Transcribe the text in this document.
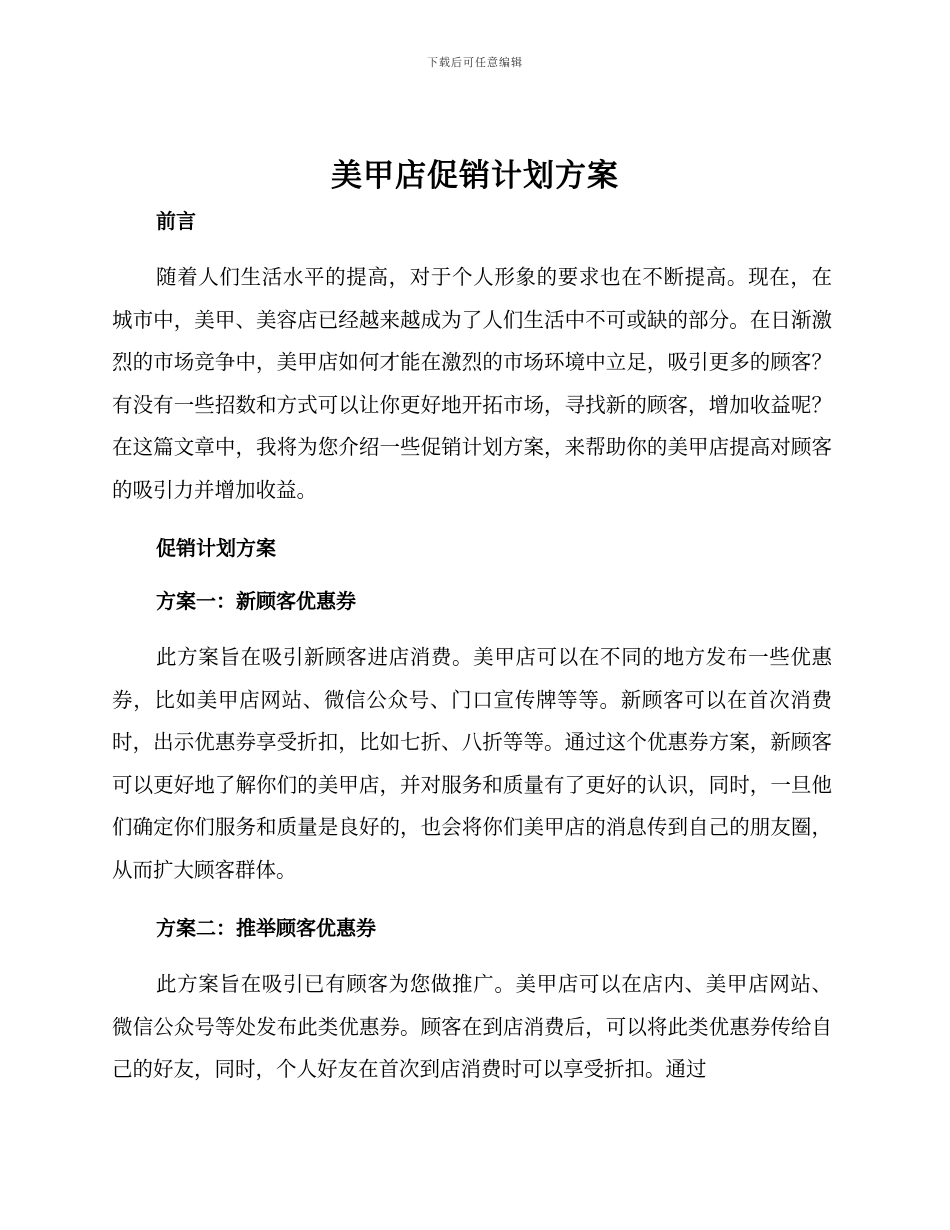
下载后可任意编辑
美甲店促销计划方案
前言

随着人们生活水平的提高，对于个人形象的要求也在不断提高。现在，在城市中，美甲、美容店已经越来越成为了人们生活中不可或缺的部分。在日渐激烈的市场竞争中，美甲店如何才能在激烈的市场环境中立足，吸引更多的顾客？有没有一些招数和方式可以让你更好地开拓市场，寻找新的顾客，增加收益呢？在这篇文章中，我将为您介绍一些促销计划方案，来帮助你的美甲店提高对顾客的吸引力并增加收益。

促销计划方案
方案一：新顾客优惠券

此方案旨在吸引新顾客进店消费。美甲店可以在不同的地方发布一些优惠券，比如美甲店网站、微信公众号、门口宣传牌等等。新顾客可以在首次消费时，出示优惠券享受折扣，比如七折、八折等等。通过这个优惠券方案，新顾客可以更好地了解你们的美甲店，并对服务和质量有了更好的认识，同时，一旦他们确定你们服务和质量是良好的，也会将你们美甲店的消息传到自己的朋友圈，从而扩大顾客群体。

方案二：推举顾客优惠券

此方案旨在吸引已有顾客为您做推广。美甲店可以在店内、美甲店网站、微信公众号等处发布此类优惠券。顾客在到店消费后，可以将此类优惠券传给自己的好友，同时，个人好友在首次到店消费时可以享受折扣。通过
